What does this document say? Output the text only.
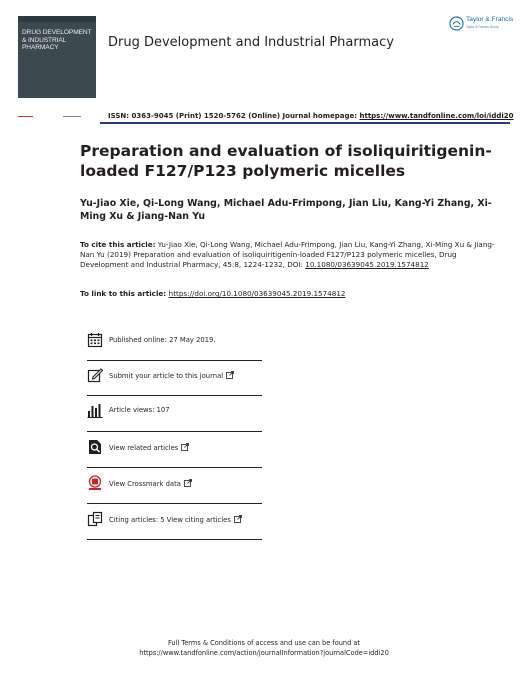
DRUG DEVELOPMENT
& INDUSTRIAL
PHARMACY	Drug Development and Industrial Pharmacy
Taylor & Francis
Taylor & Francis Group
▬▬▬▬▬	▬▬▬▬▬▬	ISSN: 0363-9045 (Print) 1520-5762 (Online) Journal homepage: https://www.tandfonline.com/loi/iddi20
Preparation and evaluation of isoliquiritigenin-loaded F127/P123 polymeric micelles
Yu-Jiao Xie, Qi-Long Wang, Michael Adu-Frimpong, Jian Liu, Kang-Yi Zhang, Xi-Ming Xu & Jiang-Nan Yu
To cite this article: Yu-Jiao Xie, Qi-Long Wang, Michael Adu-Frimpong, Jian Liu, Kang-Yi Zhang, Xi-Ming Xu & Jiang-Nan Yu (2019) Preparation and evaluation of isoliquiritigenin-loaded F127/P123 polymeric micelles, Drug Development and Industrial Pharmacy, 45:8, 1224-1232, DOI: 10.1080/03639045.2019.1574812
To link to this article: https://doi.org/10.1080/03639045.2019.1574812
Published online: 27 May 2019.
Submit your article to this journal
Article views: 107
View related articles
View Crossmark data
Citing articles: 5 View citing articles
Full Terms & Conditions of access and use can be found at
https://www.tandfonline.com/action/journalInformation?journalCode=iddi20
